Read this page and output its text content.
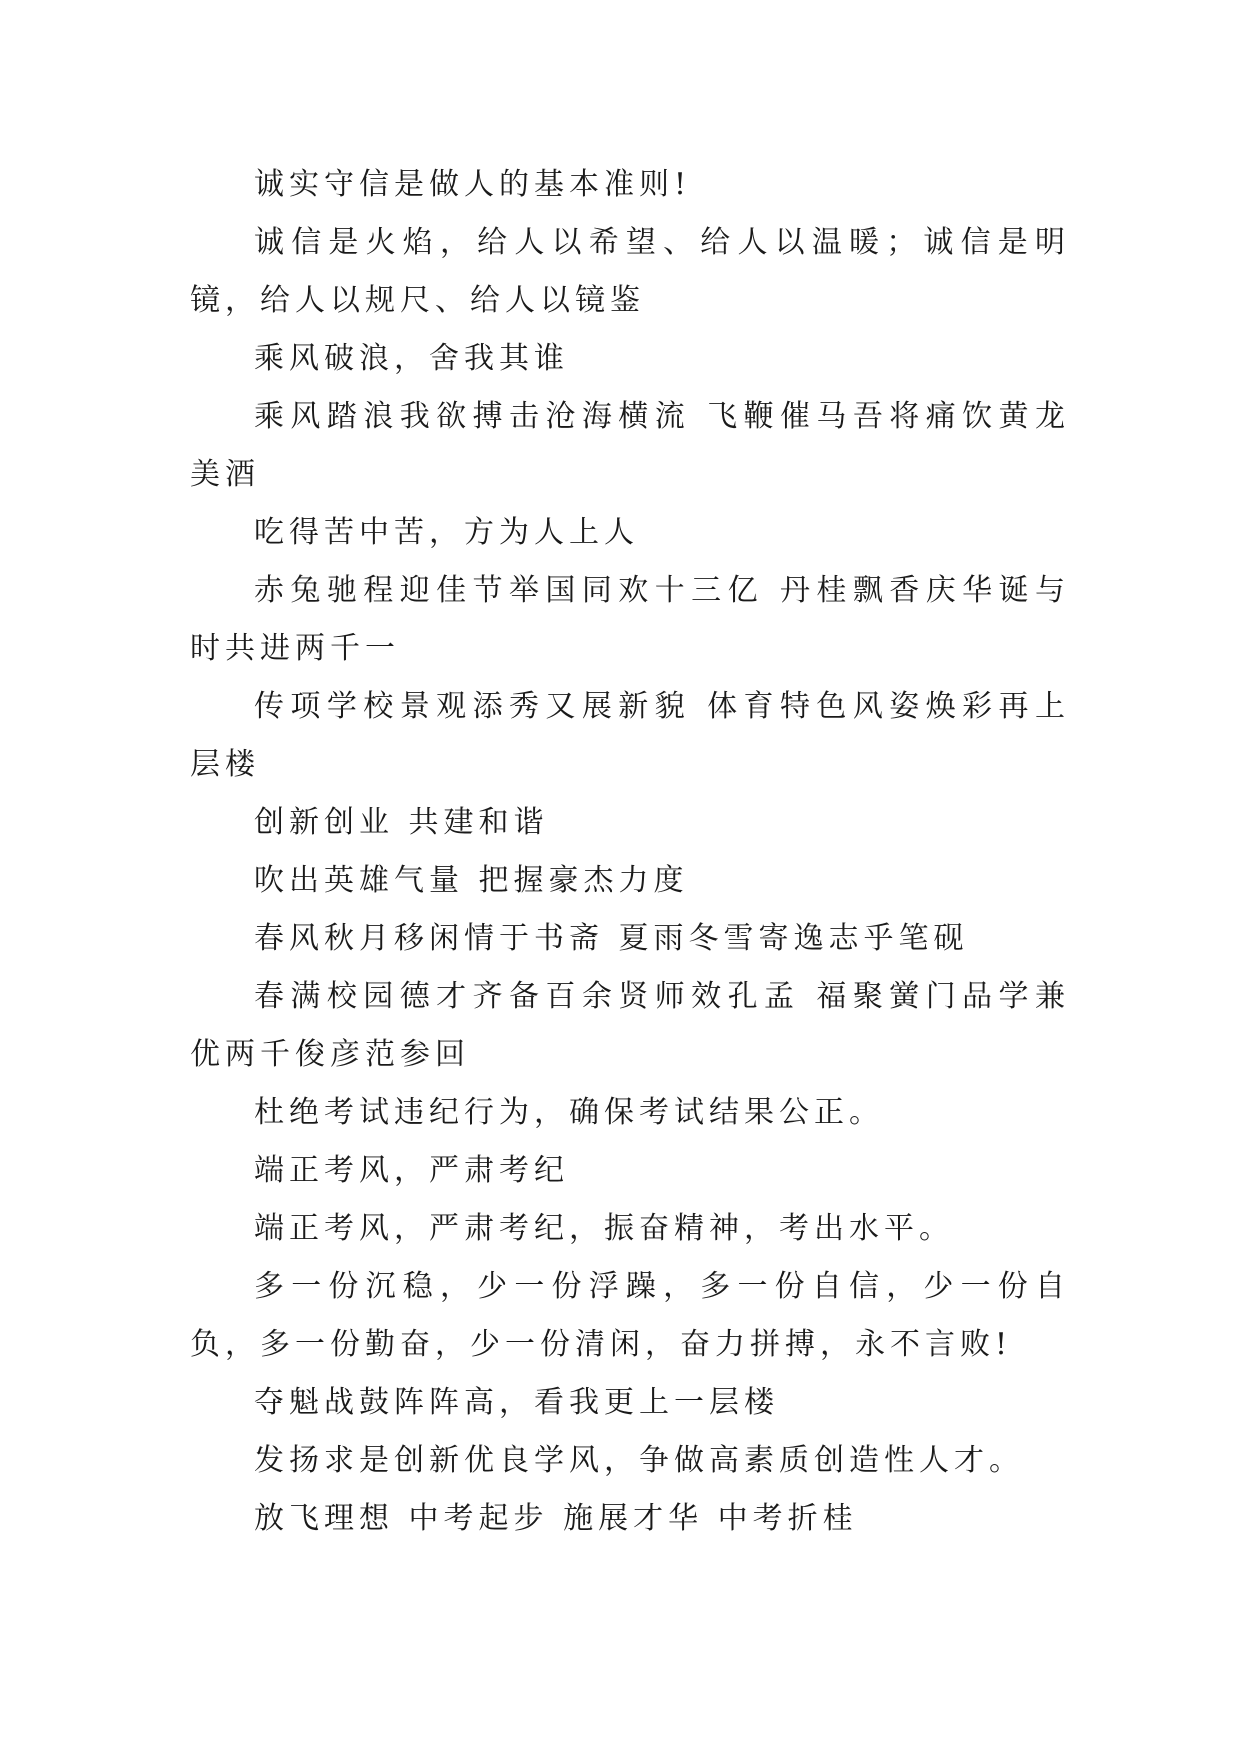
诚实守信是做人的基本准则!

诚信是火焰，给人以希望、给人以温暖；诚信是明镜，给人以规尺、给人以镜鉴

乘风破浪，舍我其谁

乘风踏浪我欲搏击沧海横流 飞鞭催马吾将痛饮黄龙美酒

吃得苦中苦，方为人上人

赤兔驰程迎佳节举国同欢十三亿 丹桂飘香庆华诞与时共进两千一

传项学校景观添秀又展新貌 体育特色风姿焕彩再上层楼

创新创业 共建和谐

吹出英雄气量 把握豪杰力度

春风秋月移闲情于书斋 夏雨冬雪寄逸志乎笔砚

春满校园德才齐备百余贤师效孔孟 福聚黉门品学兼优两千俊彦范参回

杜绝考试违纪行为，确保考试结果公正。

端正考风，严肃考纪

端正考风，严肃考纪，振奋精神，考出水平。

多一份沉稳，少一份浮躁，多一份自信，少一份自负，多一份勤奋，少一份清闲，奋力拼搏，永不言败!

夺魁战鼓阵阵高，看我更上一层楼

发扬求是创新优良学风，争做高素质创造性人才。

放飞理想 中考起步 施展才华 中考折桂
